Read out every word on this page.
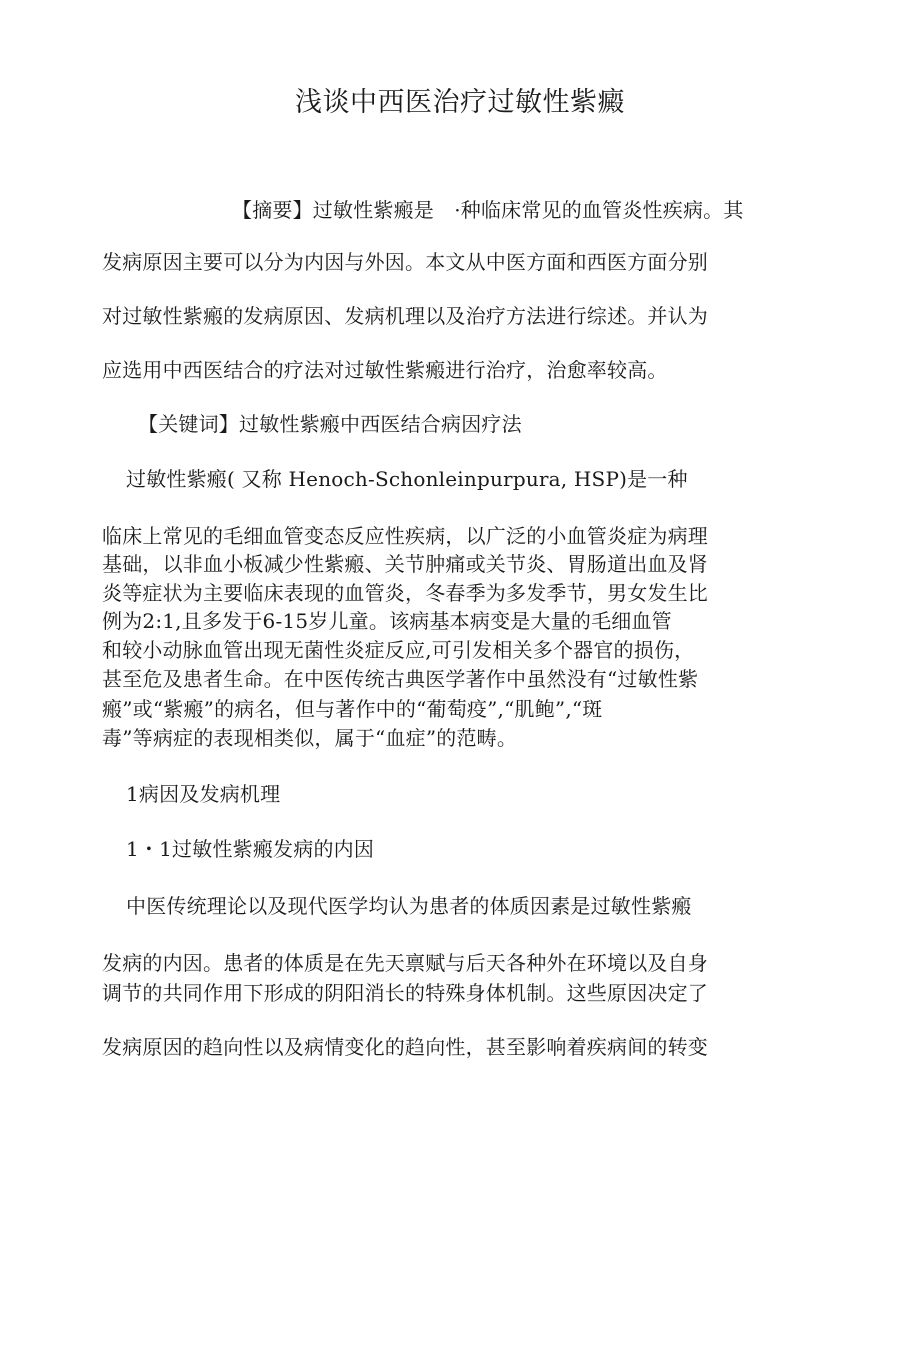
浅谈中西医治疗过敏性紫癜
【摘要】过敏性紫瘢是　·种临床常见的血管炎性疾病。其
发病原因主要可以分为内因与外因。本文从中医方面和西医方面分别
对过敏性紫瘢的发病原因、发病机理以及治疗方法进行综述。并认为
应选用中西医结合的疗法对过敏性紫瘢进行治疗，治愈率较高。
【关键词】过敏性紫瘢中西医结合病因疗法
过敏性紫瘢( 又称 Henoch-Schonleinpurpura, HSP)是一种
临床上常见的毛细血管变态反应性疾病，以广泛的小血管炎症为病理
基础，以非血小板减少性紫瘢、关节肿痛或关节炎、胃肠道出血及肾
炎等症状为主要临床表现的血管炎，冬春季为多发季节，男女发生比
例为2:1,且多发于6-15岁儿童。该病基本病变是大量的毛细血管
和较小动脉血管出现无菌性炎症反应,可引发相关多个器官的损伤，
甚至危及患者生命。在中医传统古典医学著作中虽然没有“过敏性紫
瘢”或“紫瘢”的病名，但与著作中的“葡萄疫”,“肌鲍”,“斑
毒”等病症的表现相类似，属于“血症”的范畴。
1病因及发病机理
1・1过敏性紫瘢发病的内因
中医传统理论以及现代医学均认为患者的体质因素是过敏性紫瘢
发病的内因。患者的体质是在先天禀赋与后天各种外在环境以及自身
调节的共同作用下形成的阴阳消长的特殊身体机制。这些原因决定了
发病原因的趋向性以及病情变化的趋向性，甚至影响着疾病间的转变
